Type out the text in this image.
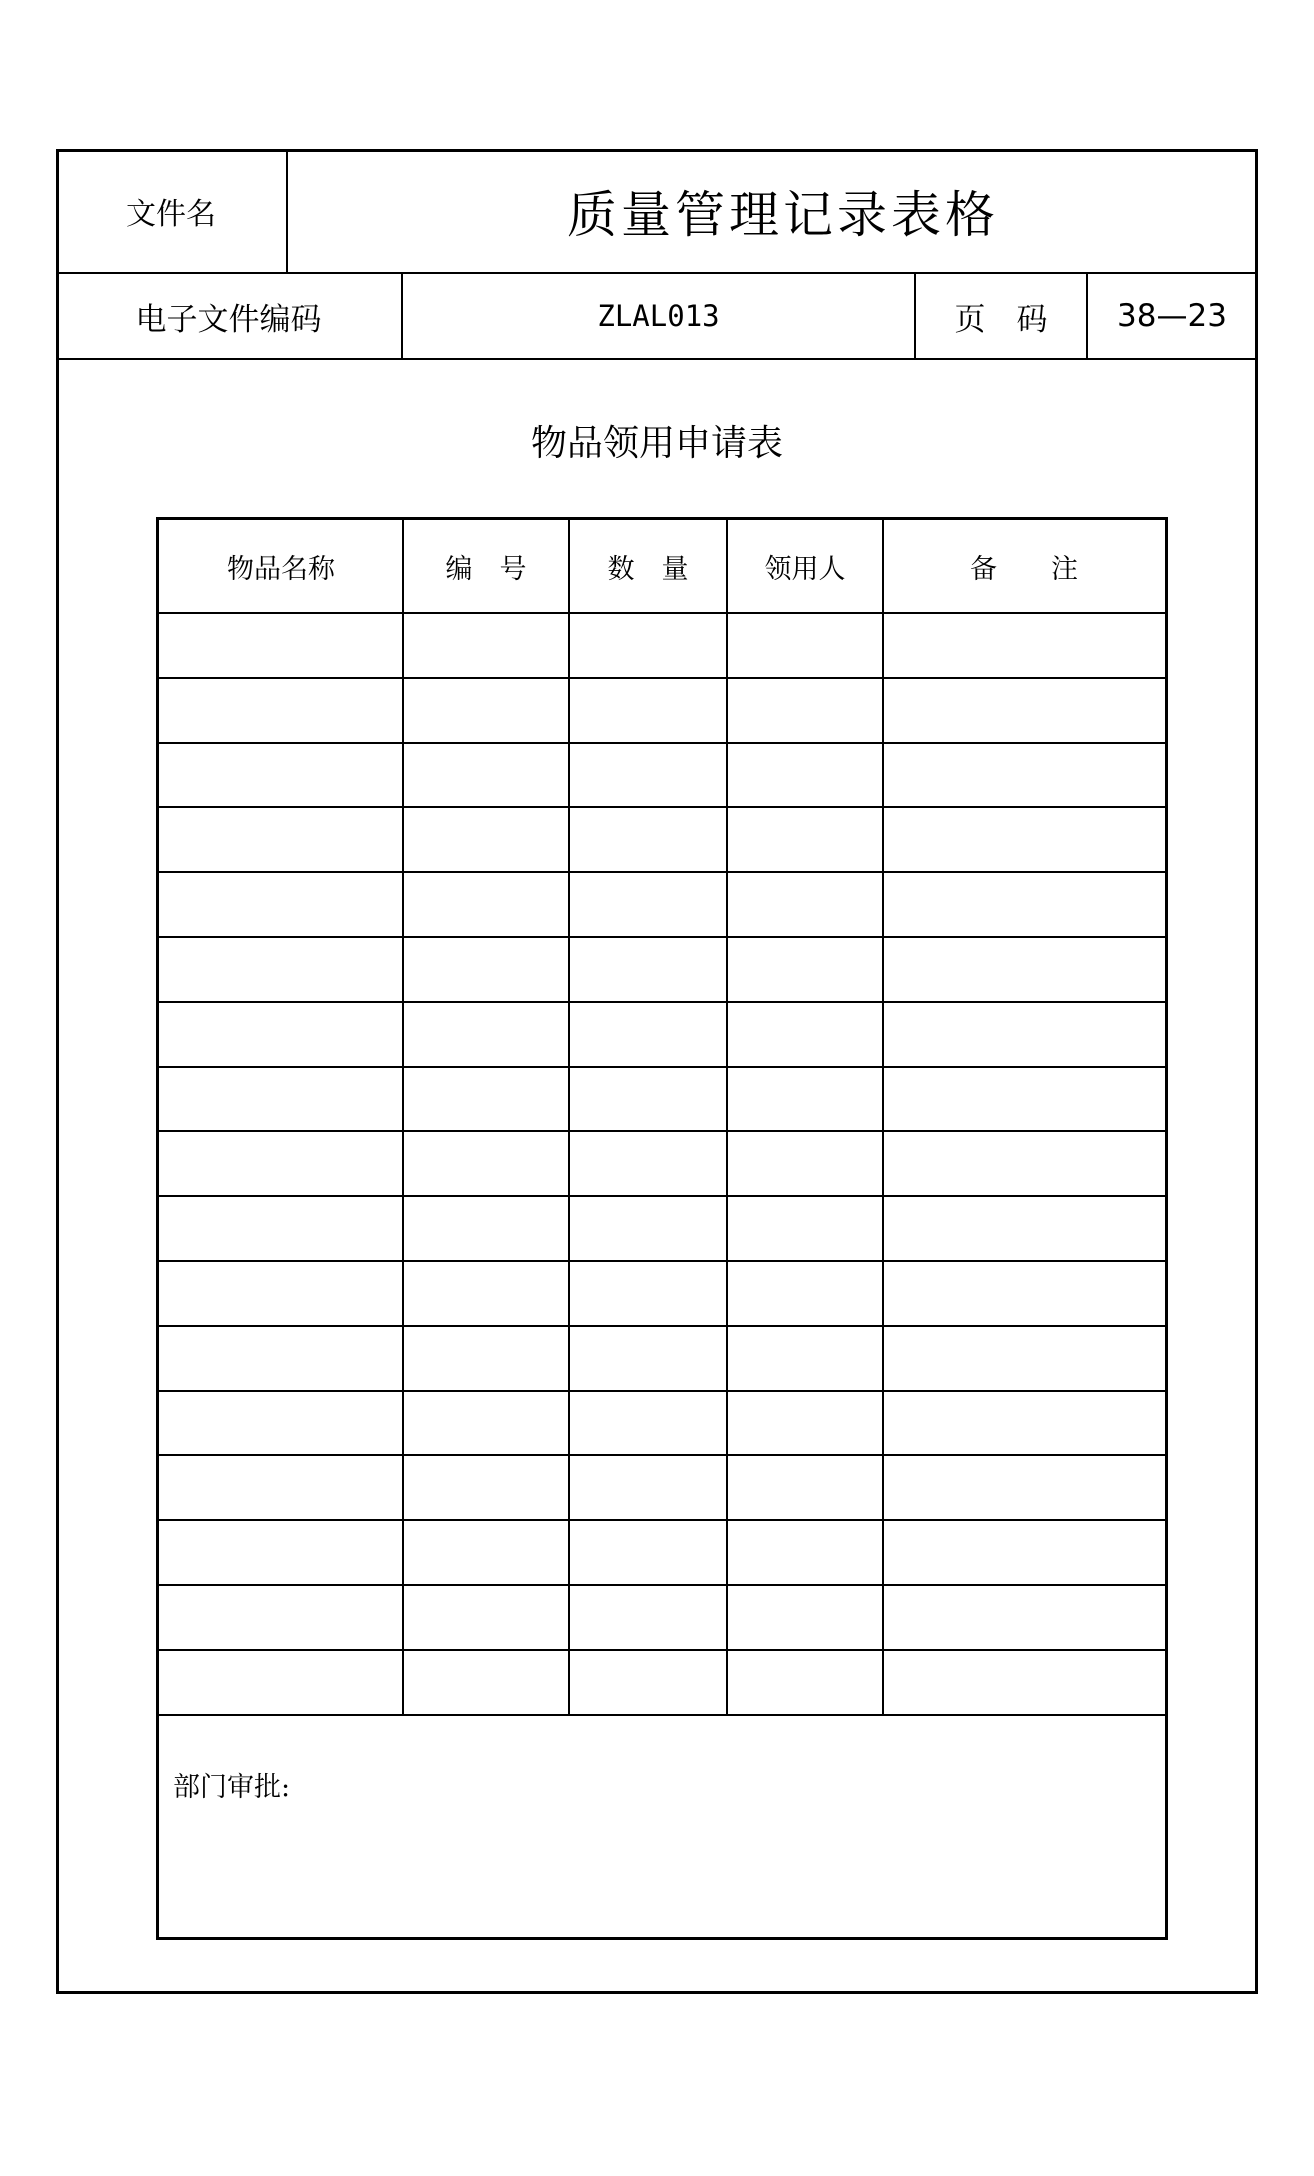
文件名	质量管理记录表格
电子文件编码	ZLAL013	页　码	38—23
物品领用申请表
物品名称	编　号	数　量	领用人	备　　注
部门审批:
